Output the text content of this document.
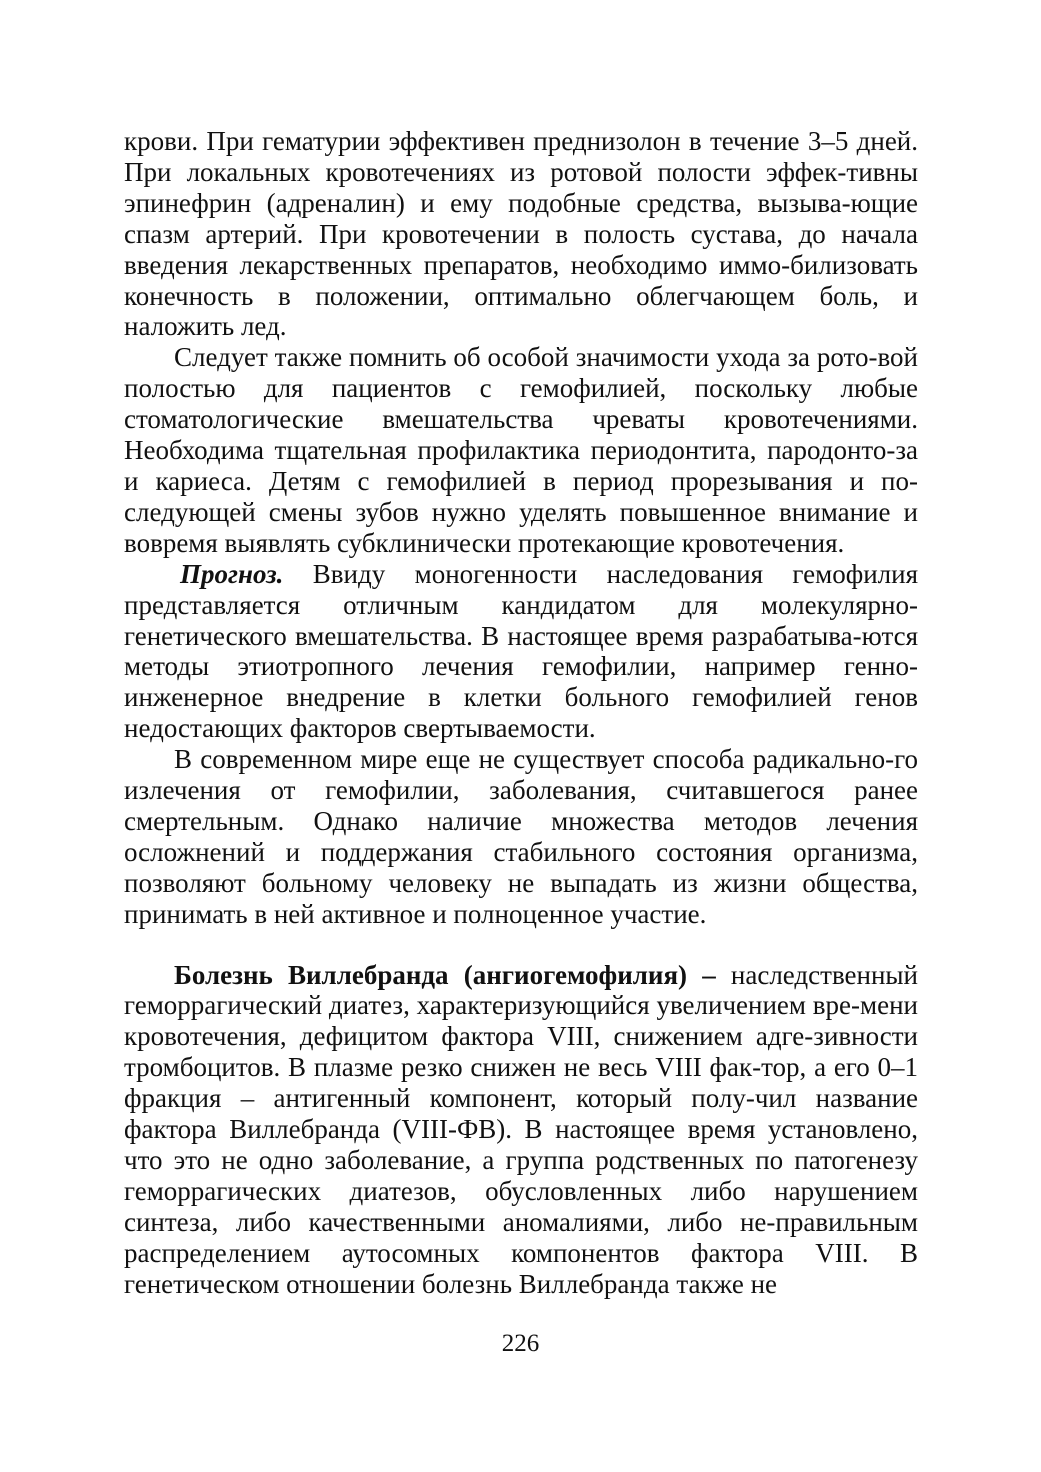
крови. При гематурии эффективен преднизолон в течение 3–5 дней. При локальных кровотечениях из ротовой полости эффек-тивны эпинефрин (адреналин) и ему подобные средства, вызыва-ющие спазм артерий. При кровотечении в полость сустава, до начала введения лекарственных препаратов, необходимо иммо-билизовать конечность в положении, оптимально облегчающем боль, и наложить лед.

Следует также помнить об особой значимости ухода за рото-вой полостью для пациентов с гемофилией, поскольку любые стоматологические вмешательства чреваты кровотечениями. Необходима тщательная профилактика периодонтита, пародонто-за и кариеса. Детям с гемофилией в период прорезывания и по-следующей смены зубов нужно уделять повышенное внимание и вовремя выявлять субклинически протекающие кровотечения.

Прогноз. Ввиду моногенности наследования гемофилия представляется отличным кандидатом для молекулярно-генетического вмешательства. В настоящее время разрабатыва-ются методы этиотропного лечения гемофилии, например генно-инженерное внедрение в клетки больного гемофилией генов недостающих факторов свертываемости.

В современном мире еще не существует способа радикально-го излечения от гемофилии, заболевания, считавшегося ранее смертельным. Однако наличие множества методов лечения осложнений и поддержания стабильного состояния организма, позволяют больному человеку не выпадать из жизни общества, принимать в ней активное и полноценное участие.

Болезнь Виллебранда (ангиогемофилия) – наследственный геморрагический диатез, характеризующийся увеличением вре-мени кровотечения, дефицитом фактора VIII, снижением адге-зивности тромбоцитов. В плазме резко снижен не весь VIII фак-тор, а его 0–1 фракция – антигенный компонент, который полу-чил название фактора Виллебранда (VIII-ФВ). В настоящее время установлено, что это не одно заболевание, а группа родственных по патогенезу геморрагических диатезов, обусловленных либо нарушением синтеза, либо качественными аномалиями, либо не-правильным распределением аутосомных компонентов фактора VIII. В генетическом отношении болезнь Виллебранда также не

226
